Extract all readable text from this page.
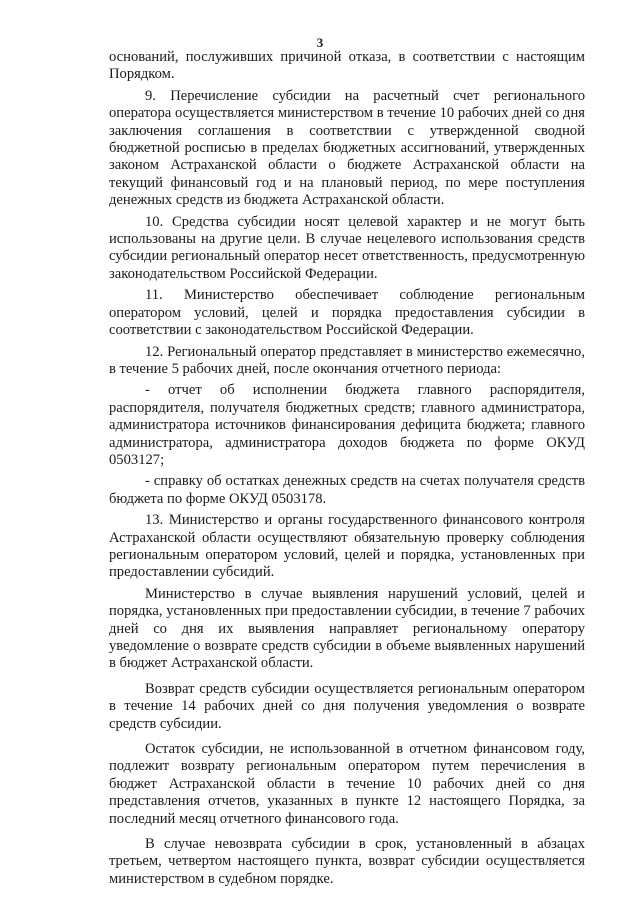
3

оснований, послуживших причиной отказа, в соответствии с настоящим Порядком.

9. Перечисление субсидии на расчетный счет регионального оператора осуществляется министерством в течение 10 рабочих дней со дня заключения соглашения в соответствии с утвержденной сводной бюджетной росписью в пределах бюджетных ассигнований, утвержденных законом Астраханской области о бюджете Астраханской области на текущий финансовый год и на плановый период, по мере поступления денежных средств из бюджета Астраханской области.

10. Средства субсидии носят целевой характер и не могут быть использованы на другие цели. В случае нецелевого использования средств субсидии региональный оператор несет ответственность, предусмотренную законодательством Российской Федерации.

11. Министерство обеспечивает соблюдение региональным оператором условий, целей и порядка предоставления субсидии в соответствии с законодательством Российской Федерации.

12. Региональный оператор представляет в министерство ежемесячно, в течение 5 рабочих дней, после окончания отчетного периода:

- отчет об исполнении бюджета главного распорядителя, распорядителя, получателя бюджетных средств; главного администратора, администратора источников финансирования дефицита бюджета; главного администратора, администратора доходов бюджета по форме ОКУД 0503127;

- справку об остатках денежных средств на счетах получателя средств бюджета по форме ОКУД 0503178.

13. Министерство и органы государственного финансового контроля Астраханской области осуществляют обязательную проверку соблюдения региональным оператором условий, целей и порядка, установленных при предоставлении субсидий.

Министерство в случае выявления нарушений условий, целей и порядка, установленных при предоставлении субсидии, в течение 7 рабочих дней со дня их выявления направляет региональному оператору уведомление о возврате средств субсидии в объеме выявленных нарушений в бюджет Астраханской области.

Возврат средств субсидии осуществляется региональным оператором в течение 14 рабочих дней со дня получения уведомления о возврате средств субсидии.

Остаток субсидии, не использованной в отчетном финансовом году, подлежит возврату региональным оператором путем перечисления в бюджет Астраханской области в течение 10 рабочих дней со дня представления отчетов, указанных в пункте 12 настоящего Порядка, за последний месяц отчетного финансового года.

В случае невозврата субсидии в срок, установленный в абзацах третьем, четвертом настоящего пункта, возврат субсидии осуществляется министерством в судебном порядке.
